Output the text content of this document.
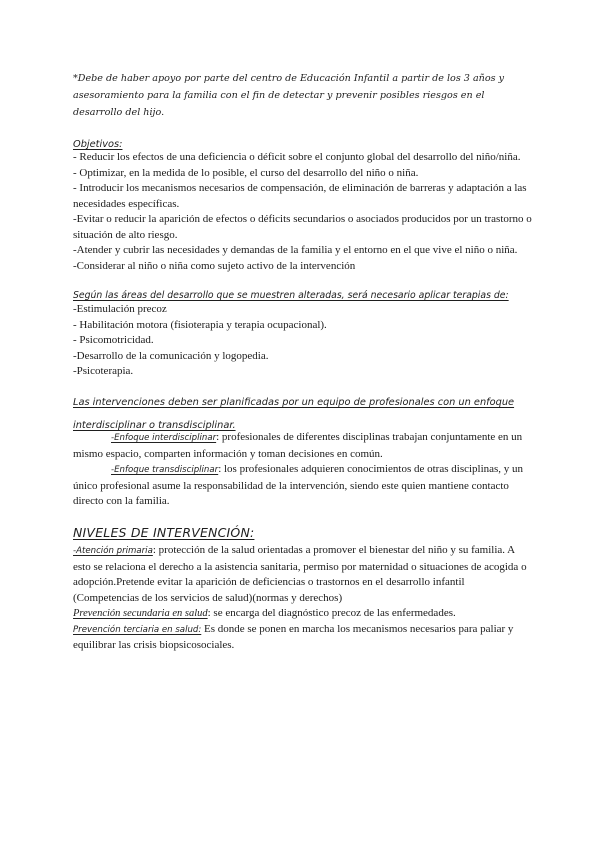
*Debe de haber apoyo por parte del centro de Educación Infantil a partir de los 3 años y asesoramiento para la familia con el fin de detectar y prevenir posibles riesgos en el desarrollo del hijo.
Objetivos:
- Reducir los efectos de una deficiencia o déficit sobre el conjunto global del desarrollo del niño/niña.
- Optimizar, en la medida de lo posible, el curso del desarrollo del niño o niña.
- Introducir los mecanismos necesarios de compensación, de eliminación de barreras y adaptación a las necesidades específicas.
-Evitar o reducir la aparición de efectos o déficits secundarios o asociados producidos por un trastorno o situación de alto riesgo.
-Atender y cubrir las necesidades y demandas de la familia y el entorno en el que vive el niño o niña.
-Considerar al niño o niña como sujeto activo de la intervención
Según las áreas del desarrollo que se muestren alteradas, será necesario aplicar terapias de:
-Estimulación precoz
- Habilitación motora (fisioterapia y terapia ocupacional).
- Psicomotricidad.
-Desarrollo de la comunicación y logopedia.
-Psicoterapia.
Las intervenciones deben ser planificadas por un equipo de profesionales con un enfoque interdisciplinar o transdisciplinar.
-Enfoque interdisciplinar: profesionales de diferentes disciplinas trabajan conjuntamente en un mismo espacio, comparten información y toman decisiones en común.
-Enfoque transdisciplinar: los profesionales adquieren conocimientos de otras disciplinas, y un único profesional asume la responsabilidad de la intervención, siendo este quien mantiene contacto directo con la familia.
NIVELES DE INTERVENCIÓN:
-Atención primaria: protección de la salud orientadas a promover el bienestar del niño y su familia. A esto se relaciona el derecho a la asistencia sanitaria, permiso por maternidad o situaciones de acogida o adopción.Pretende evitar la aparición de deficiencias o trastornos en el desarrollo infantil (Competencias de los servicios de salud)(normas y derechos)
Prevención secundaria en salud: se encarga del diagnóstico precoz de las enfermedades.
Prevención terciaria en salud: Es donde se ponen en marcha los mecanismos necesarios para paliar y equilibrar las crisis biopsicosociales.
